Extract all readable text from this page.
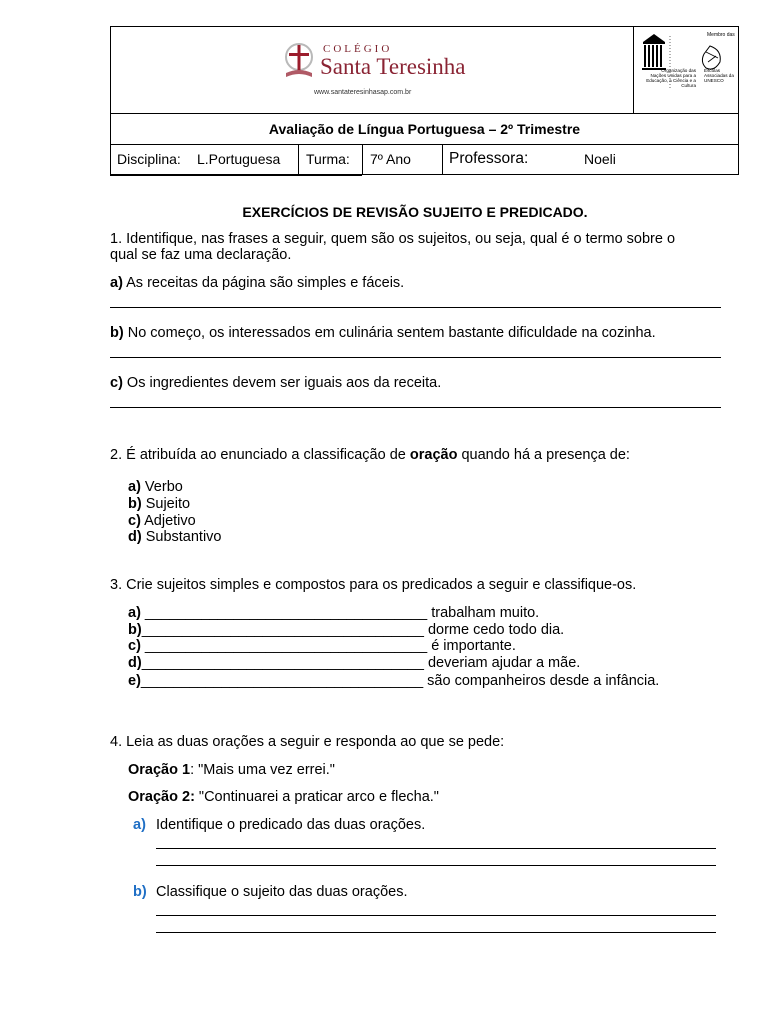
COLÉGIO
Santa Teresinha
www.santateresinhasap.com.br
Membro das
Organização das Nações Unidas para a Educação, a Ciência e a Cultura
Escolas Associadas da UNESCO
Avaliação de Língua Portuguesa – 2º Trimestre
Disciplina: L.Portuguesa Turma: 7º Ano Professora:	Noeli
EXERCÍCIOS DE REVISÃO SUJEITO E PREDICADO.
1. Identifique, nas frases a seguir, quem são os sujeitos, ou seja, qual é o termo sobre o
qual se faz uma declaração.
a) As receitas da página são simples e fáceis.
b) No começo, os interessados em culinária sentem bastante dificuldade na cozinha.
c) Os ingredientes devem ser iguais aos da receita.
2. É atribuída ao enunciado a classificação de oração quando há a presença de:
a) Verbo
b) Sujeito
c) Adjetivo
d) Substantivo
3. Crie sujeitos simples e compostos para os predicados a seguir e classifique-os.
a) ___________________________________ trabalham muito.
b)___________________________________ dorme cedo todo dia.
c) ___________________________________ é importante.
d)___________________________________ deveriam ajudar a mãe.
e)___________________________________ são companheiros desde a infância.
4. Leia as duas orações a seguir e responda ao que se pede:
Oração 1: "Mais uma vez errei."
Oração 2: "Continuarei a praticar arco e flecha."
a) Identifique o predicado das duas orações.
b) Classifique o sujeito das duas orações.
